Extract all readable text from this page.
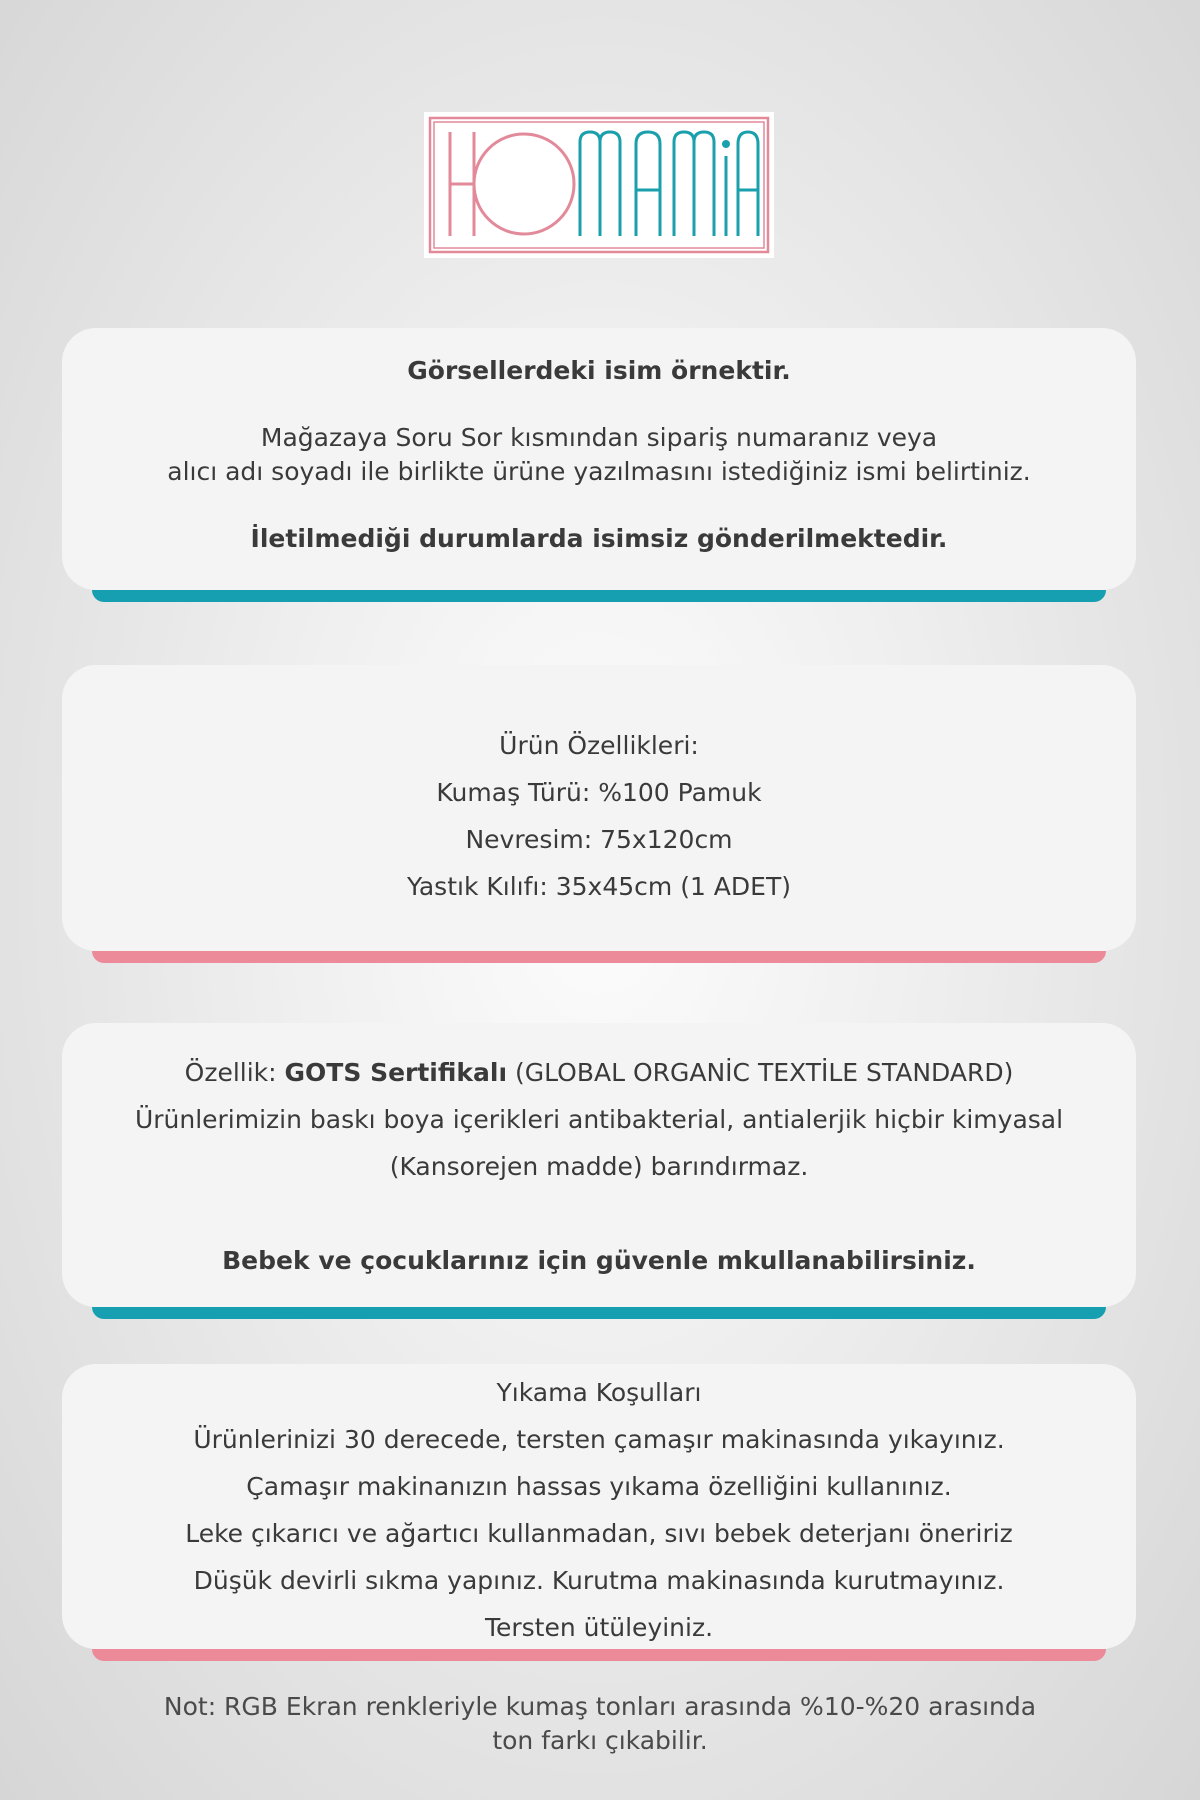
Görsellerdeki isim örnektir.
Mağazaya Soru Sor kısmından sipariş numaranız veya
alıcı adı soyadı ile birlikte ürüne yazılmasını istediğiniz ismi belirtiniz.
İletilmediği durumlarda isimsiz gönderilmektedir.
Ürün Özellikleri:
Kumaş Türü: %100 Pamuk
Nevresim: 75x120cm
Yastık Kılıfı: 35x45cm (1 ADET)
Özellik: GOTS Sertifikalı (GLOBAL ORGANİC TEXTİLE STANDARD)
Ürünlerimizin baskı boya içerikleri antibakterial, antialerjik hiçbir kimyasal
(Kansorejen madde) barındırmaz.
Bebek ve çocuklarınız için güvenle mkullanabilirsiniz.
Yıkama Koşulları
Ürünlerinizi 30 derecede, tersten çamaşır makinasında yıkayınız.
Çamaşır makinanızın hassas yıkama özelliğini kullanınız.
Leke çıkarıcı ve ağartıcı kullanmadan, sıvı bebek deterjanı öneririz
Düşük devirli sıkma yapınız. Kurutma makinasında kurutmayınız.
Tersten ütüleyiniz.
Not: RGB Ekran renkleriyle kumaş tonları arasında %10-%20 arasında
ton farkı çıkabilir.
